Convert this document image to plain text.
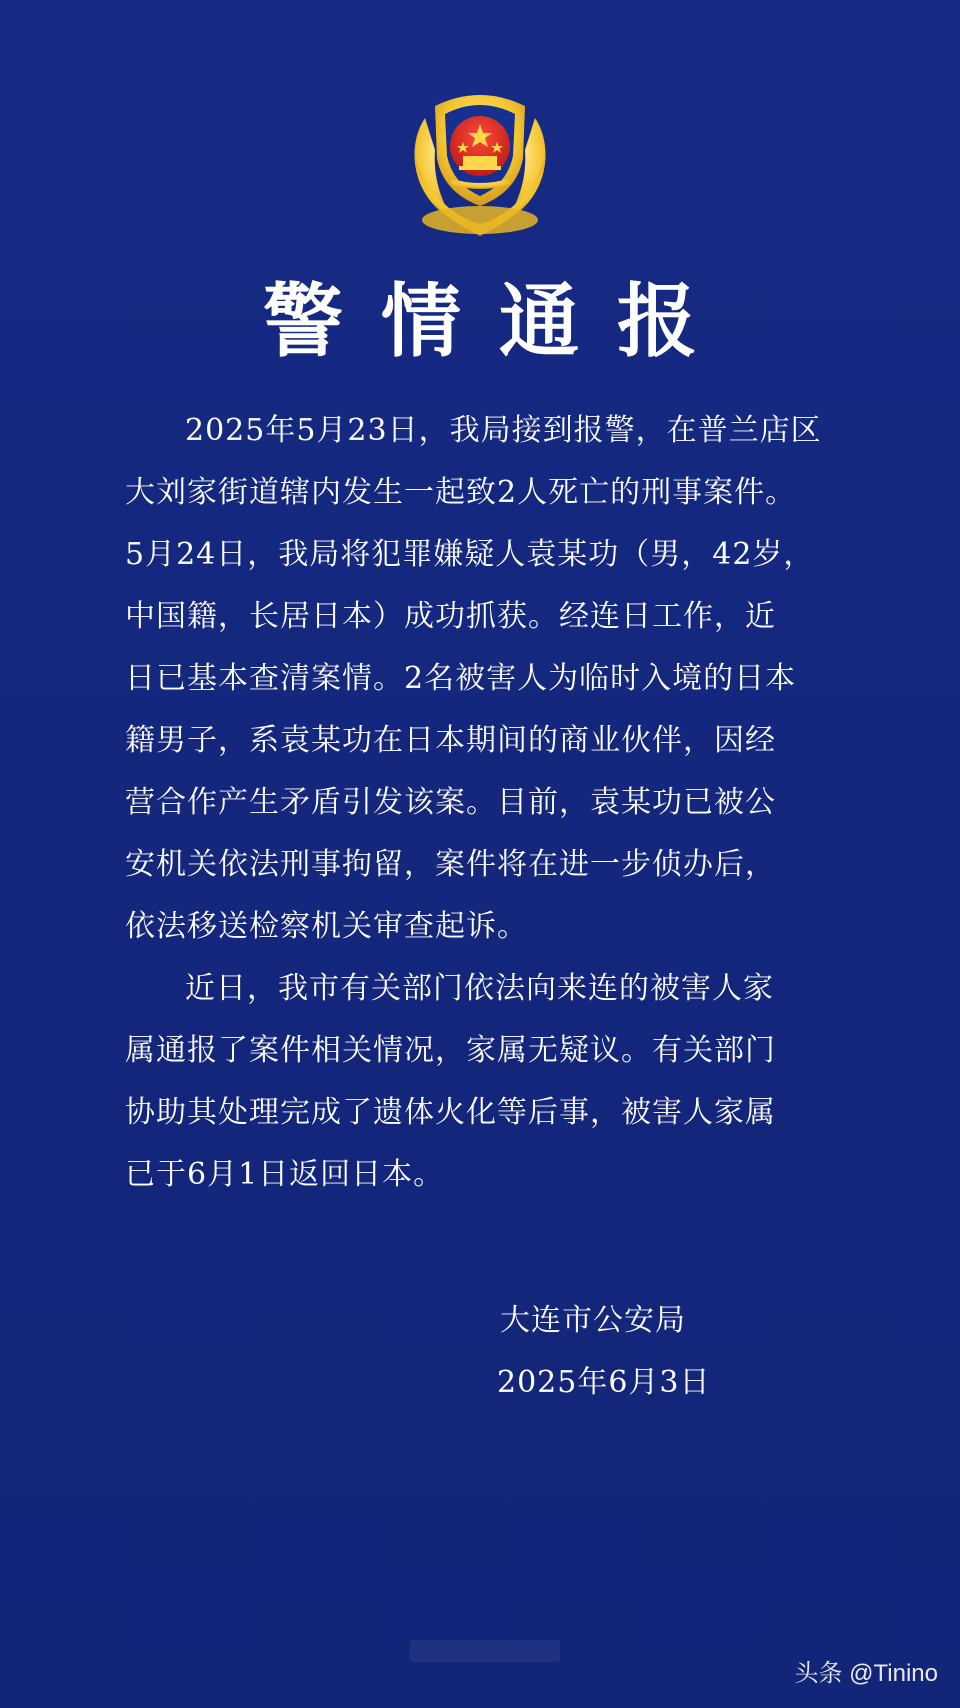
警情通报
2025年5月23日，我局接到报警，在普兰店区
大刘家街道辖内发生一起致2人死亡的刑事案件。
5月24日，我局将犯罪嫌疑人袁某功（男，42岁，
中国籍，长居日本）成功抓获。经连日工作，近
日已基本查清案情。2名被害人为临时入境的日本
籍男子，系袁某功在日本期间的商业伙伴，因经
营合作产生矛盾引发该案。目前，袁某功已被公
安机关依法刑事拘留，案件将在进一步侦办后，
依法移送检察机关审查起诉。
近日，我市有关部门依法向来连的被害人家
属通报了案件相关情况，家属无疑议。有关部门
协助其处理完成了遗体火化等后事，被害人家属
已于6月1日返回日本。
大连市公安局
2025年6月3日
头条 @Tinino
